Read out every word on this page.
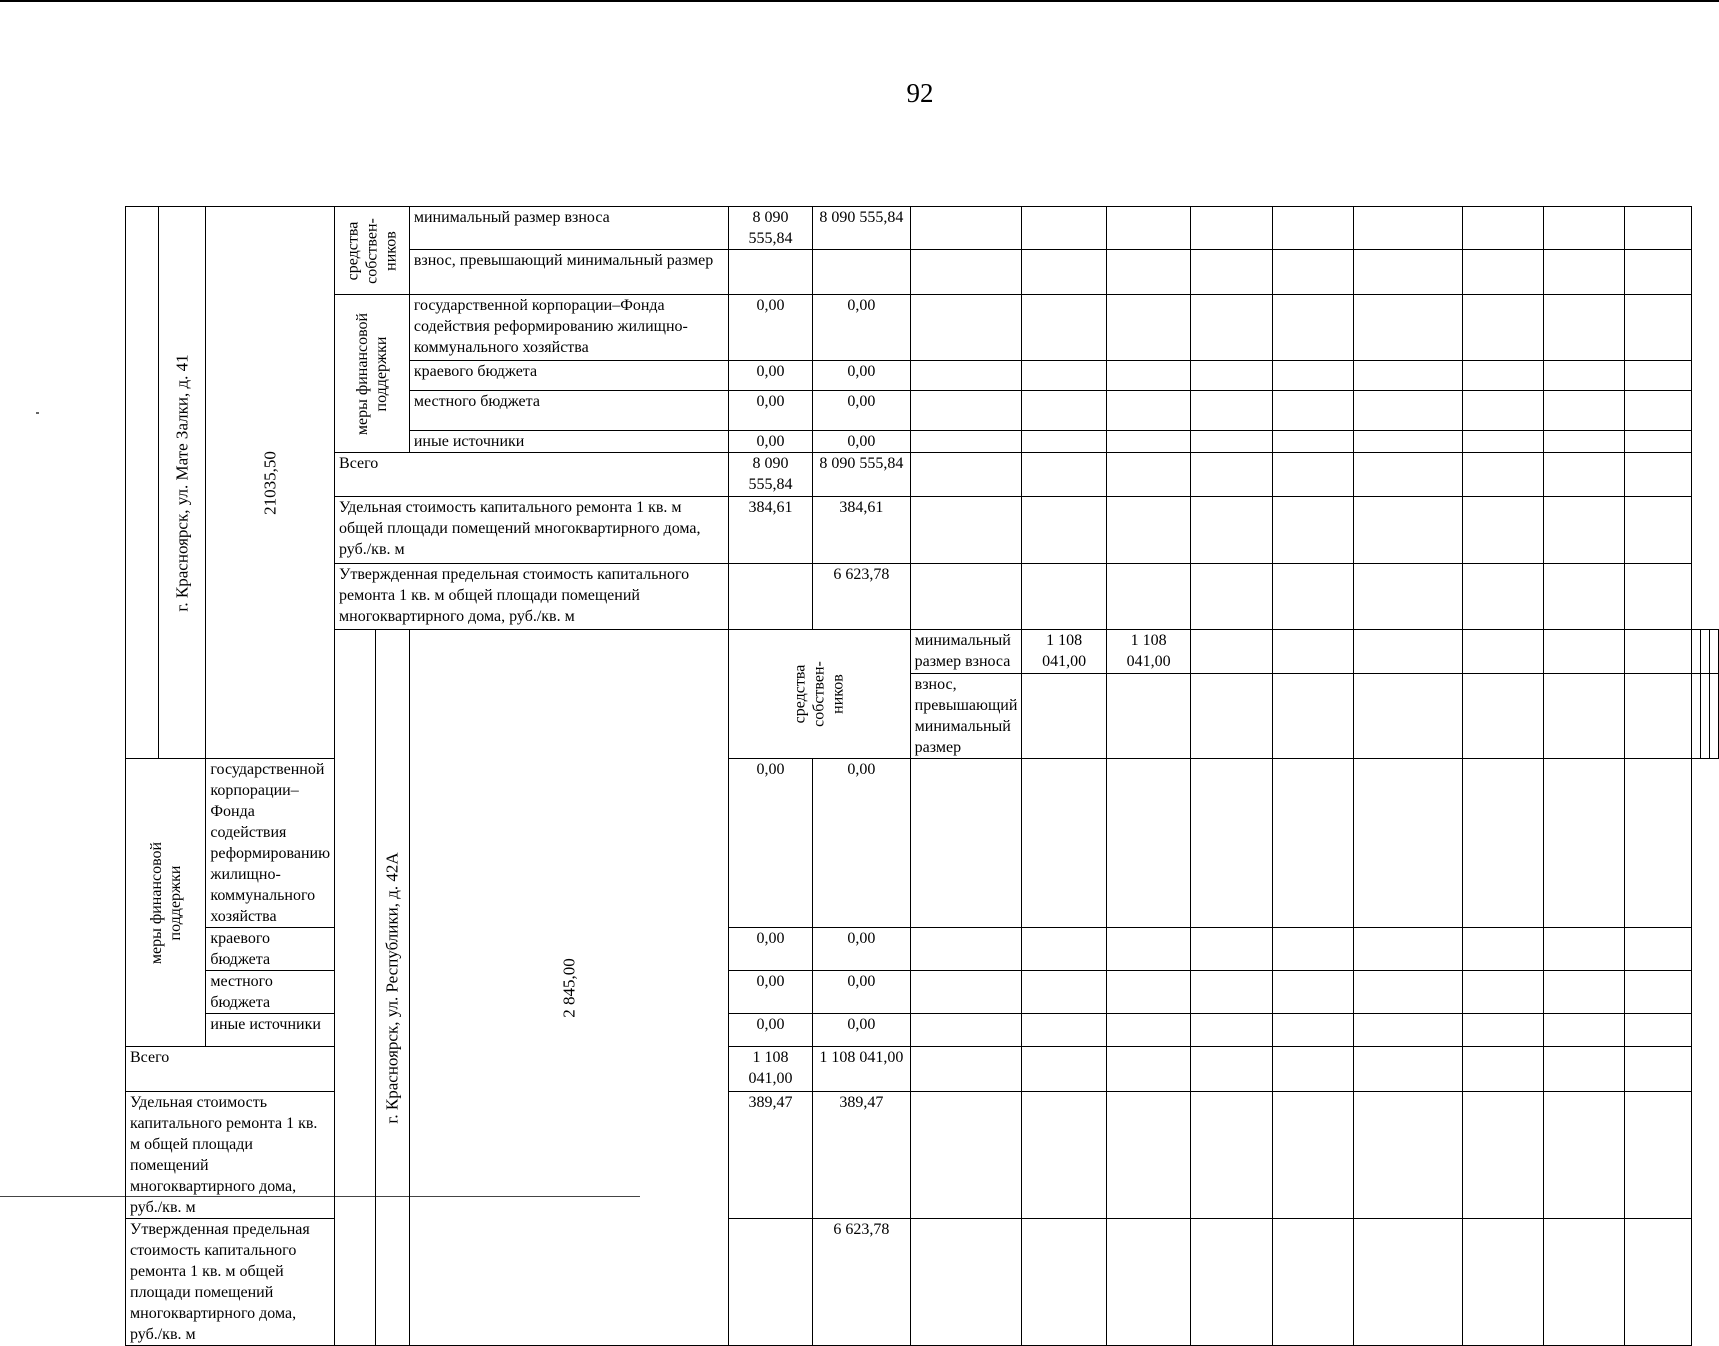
92

	г. Красноярск, ул. Мате Залки, д. 41	21035,50	средства собствен-ников		минимальный размер взноса	8 090 555,84	8 090 555,84												
					взнос, превышающий минимальный размер														

			меры финансовой поддержки		государственной корпорации–Фонда содействия реформированию жилищно-коммунального хозяйства	0,00	0,00												
					краевого бюджета	0,00	0,00												
					местного бюджета	0,00	0,00												
					иные источники	0,00	0,00												
			Всего			8 090 555,84	8 090 555,84												
			Удельная стоимость капитального ремонта 1 кв. м общей площади помещений многоквартирного дома, руб./кв. м			384,61	384,61												
			Утвержденная предельная стоимость капитального ремонта 1 кв. м общей площади помещений многоквартирного дома, руб./кв. м				6 623,78												

				г. Красноярск, ул. Республики, д. 42А	2 845,00	средства собствен-ников		минимальный размер взноса	1 108 041,00	1 108 041,00									
								взнос, превышающий минимальный размер											

меры финансовой поддержки		государственной корпорации–Фонда содействия реформированию жилищно-коммунального хозяйства				0,00	0,00												
		краевого бюджета				0,00	0,00												
		местного бюджета				0,00	0,00												
		иные источники				0,00	0,00												
Всего						1 108 041,00	1 108 041,00												
Удельная стоимость капитального ремонта 1 кв. м общей площади помещений многоквартирного дома, руб./кв. м						389,47	389,47												
Утвержденная предельная стоимость капитального ремонта 1 кв. м общей площади помещений многоквартирного дома, руб./кв. м							6 623,78												
